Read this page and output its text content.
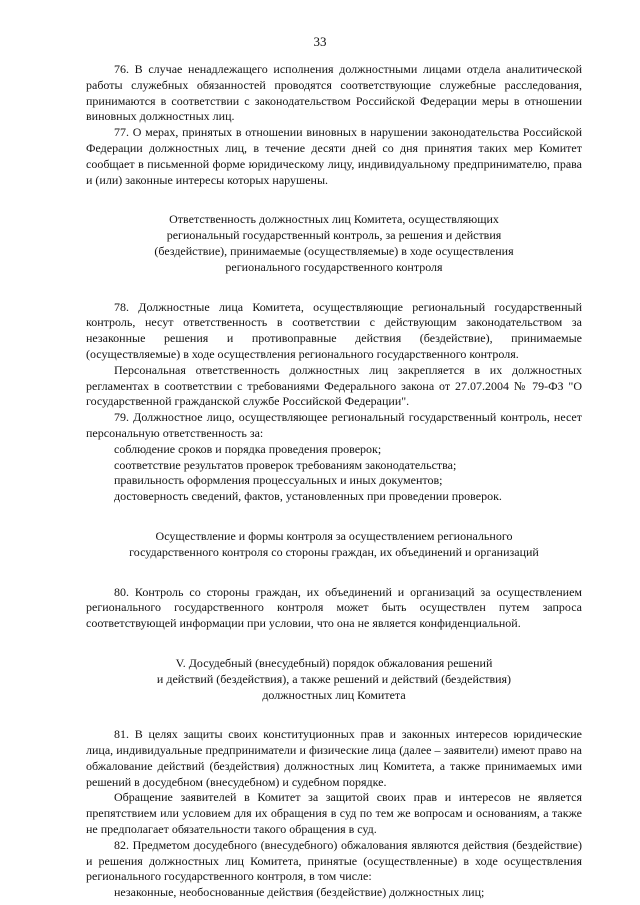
33

76. В случае ненадлежащего исполнения должностными лицами отдела аналитической работы служебных обязанностей проводятся соответствующие служебные расследования, принимаются в соответствии с законодательством Российской Федерации меры в отношении виновных должностных лиц.

77. О мерах, принятых в отношении виновных в нарушении законодательства Российской Федерации должностных лиц, в течение десяти дней со дня принятия таких мер Комитет сообщает в письменной форме юридическому лицу, индивидуальному предпринимателю, права и (или) законные интересы которых нарушены.

Ответственность должностных лиц Комитета, осуществляющих
региональный государственный контроль, за решения и действия
(бездействие), принимаемые (осуществляемые) в ходе осуществления
регионального государственного контроля

78. Должностные лица Комитета, осуществляющие региональный государственный контроль, несут ответственность в соответствии с действующим законодательством за незаконные решения и противоправные действия (бездействие), принимаемые (осуществляемые) в ходе осуществления регионального государственного контроля.

Персональная ответственность должностных лиц закрепляется в их должностных регламентах в соответствии с требованиями Федерального закона от 27.07.2004 № 79-ФЗ "О государственной гражданской службе Российской Федерации".

79. Должностное лицо, осуществляющее региональный государственный контроль, несет персональную ответственность за:

соблюдение сроков и порядка проведения проверок;

соответствие результатов проверок требованиям законодательства;

правильность оформления процессуальных и иных документов;

достоверность сведений, фактов, установленных при проведении проверок.

Осуществление и формы контроля за осуществлением регионального
государственного контроля со стороны граждан, их объединений и организаций

80. Контроль со стороны граждан, их объединений и организаций за осуществлением регионального государственного контроля может быть осуществлен путем запроса соответствующей информации при условии, что она не является конфиденциальной.

V. Досудебный (внесудебный) порядок обжалования решений
и действий (бездействия), а также решений и действий (бездействия)
должностных лиц Комитета

81. В целях защиты своих конституционных прав и законных интересов юридические лица, индивидуальные предприниматели и физические лица (далее – заявители) имеют право на обжалование действий (бездействия) должностных лиц Комитета, а также принимаемых ими решений в досудебном (внесудебном) и судебном порядке.

Обращение заявителей в Комитет за защитой своих прав и интересов не является препятствием или условием для их обращения в суд по тем же вопросам и основаниям, а также не предполагает обязательности такого обращения в суд.

82. Предметом досудебного (внесудебного) обжалования являются действия (бездействие) и решения должностных лиц Комитета, принятые (осуществленные) в ходе осуществления регионального государственного контроля, в том числе:

незаконные, необоснованные действия (бездействие) должностных лиц;
